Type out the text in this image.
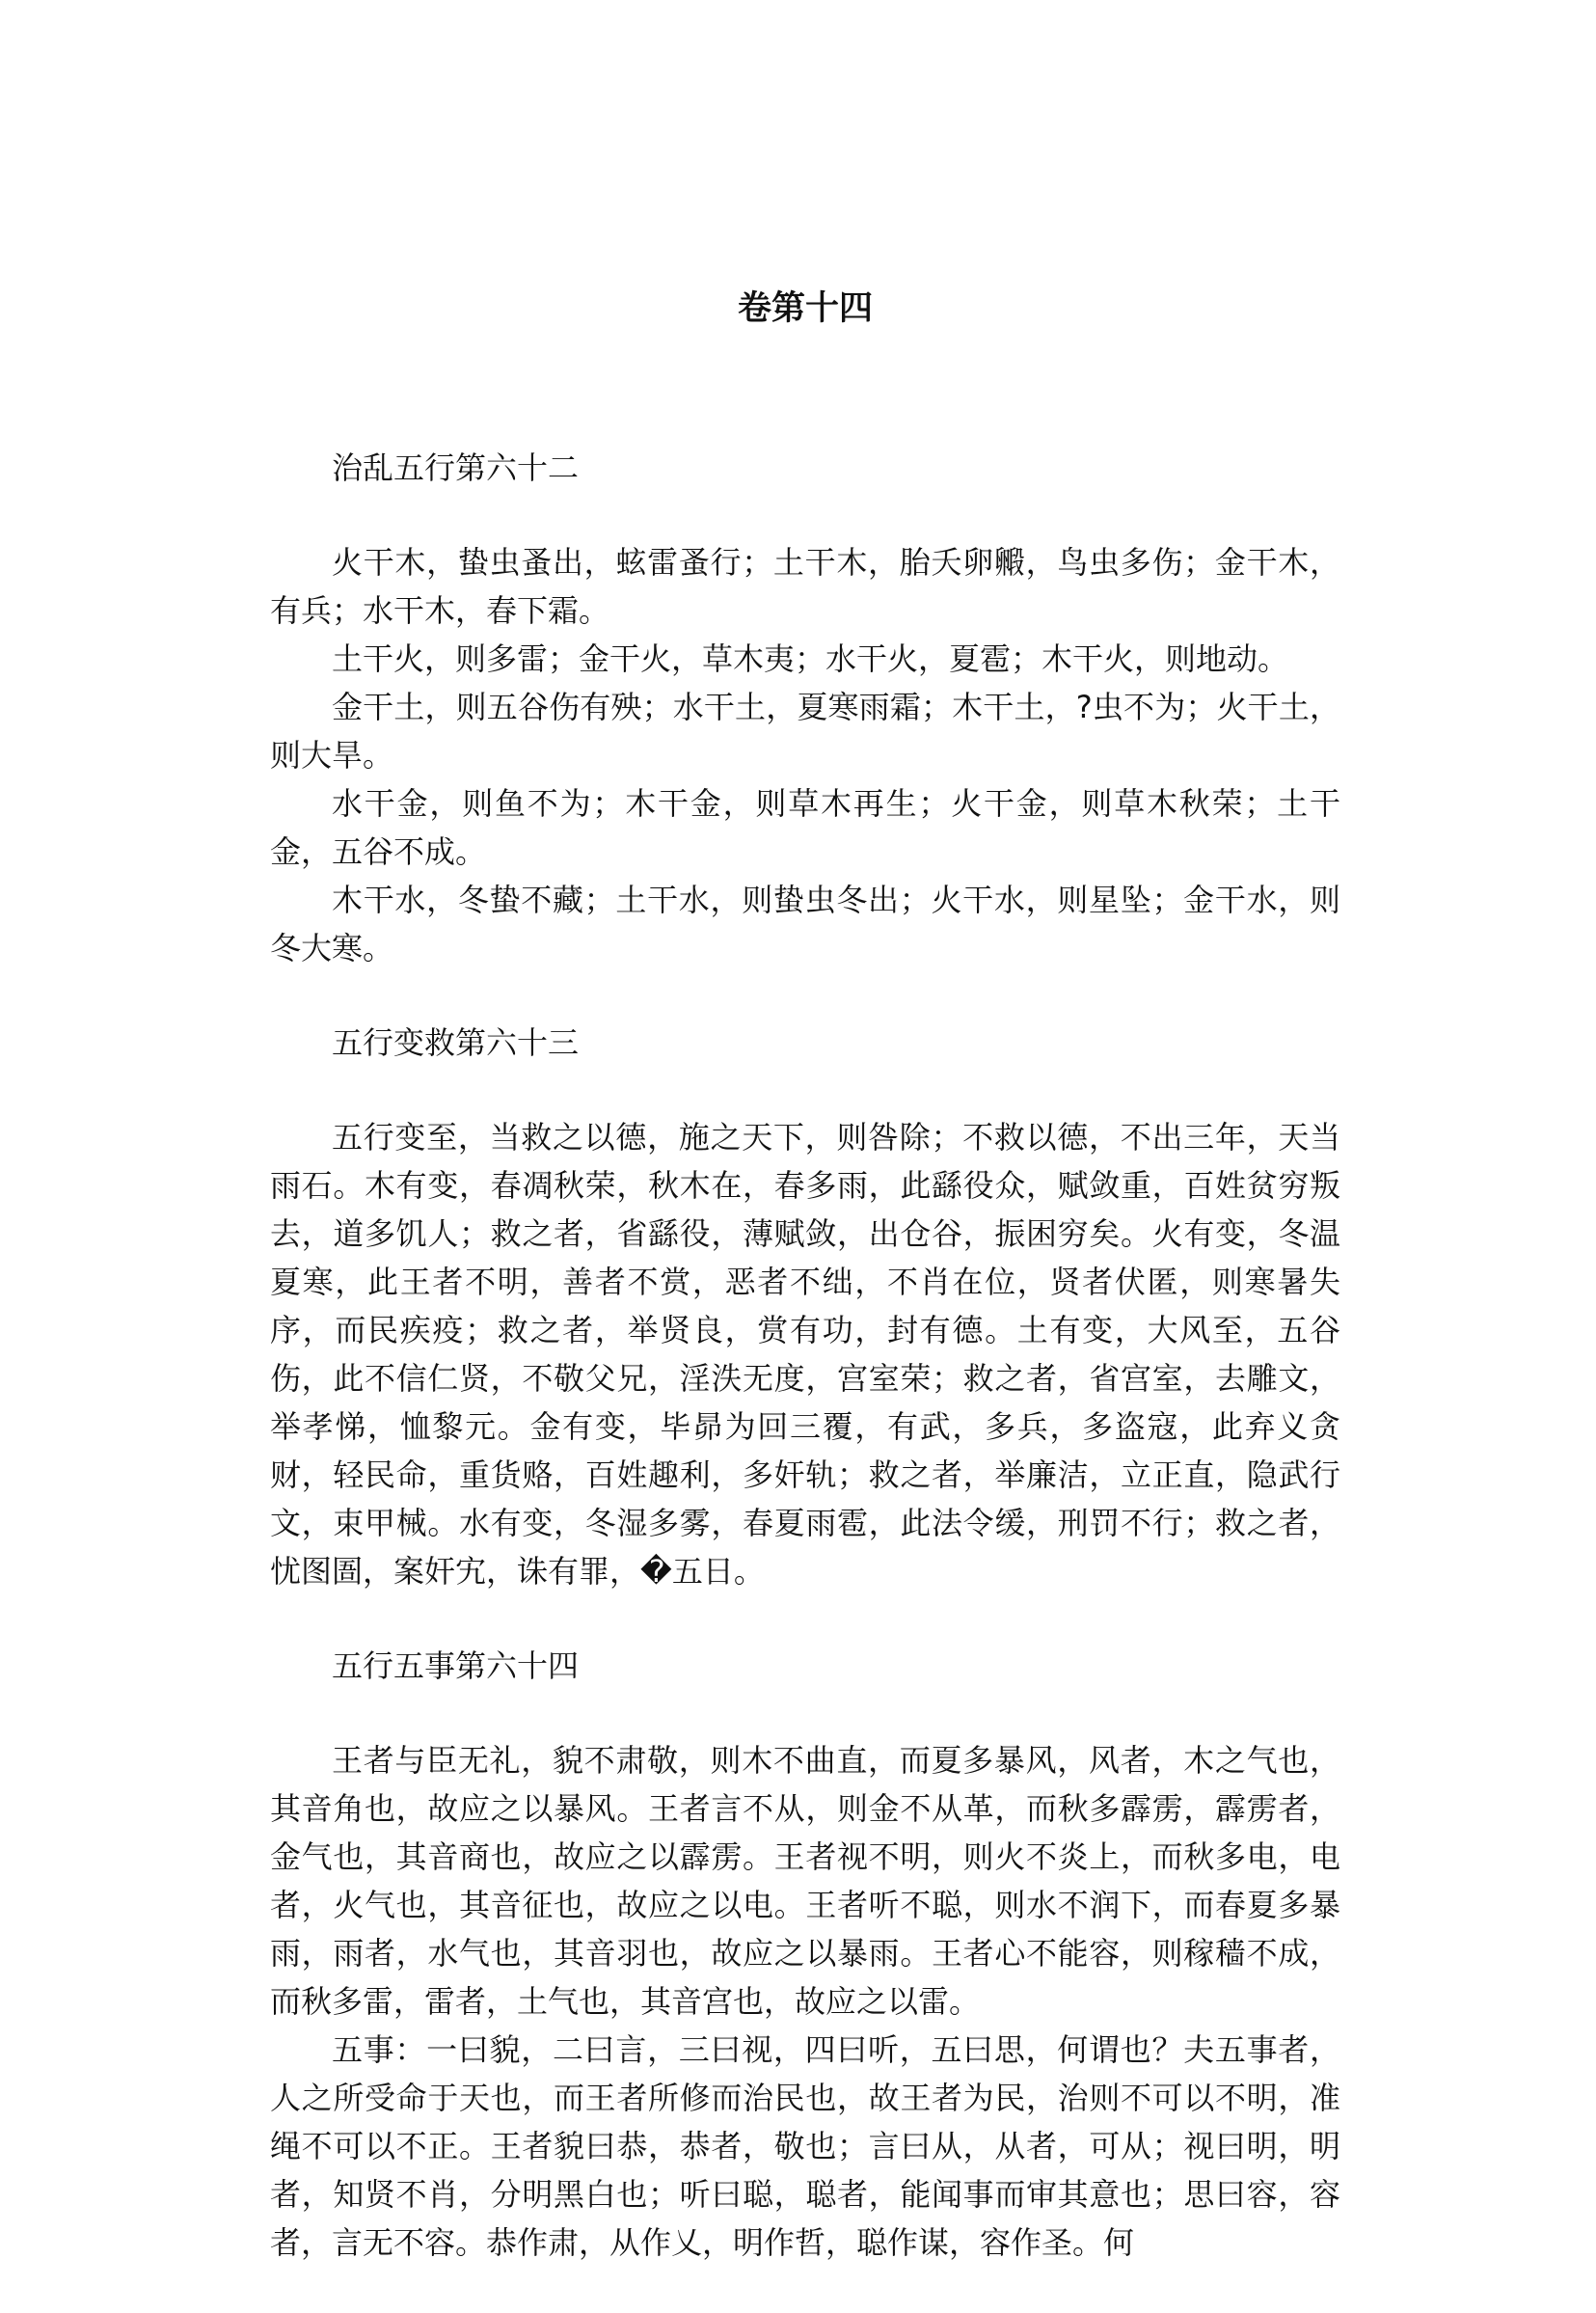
卷第十四
治乱五行第六十二

火干木，蛰虫蚤出，蚿雷蚤行；土干木，胎夭卵毈，鸟虫多伤；金干木，有兵；水干木，春下霜。

土干火，则多雷；金干火，草木夷；水干火，夏雹；木干火，则地动。

金干土，则五谷伤有殃；水干土，夏寒雨霜；木干土，?虫不为；火干土，则大旱。

水干金，则鱼不为；木干金，则草木再生；火干金，则草木秋荣；土干金，五谷不成。

木干水，冬蛰不藏；土干水，则蛰虫冬出；火干水，则星坠；金干水，则冬大寒。

五行变救第六十三

五行变至，当救之以德，施之天下，则咎除；不救以德，不出三年，天当雨石。木有变，春凋秋荣，秋木在，春多雨，此繇役众，赋敛重，百姓贫穷叛去，道多饥人；救之者，省繇役，薄赋敛，出仓谷，振困穷矣。火有变，冬温夏寒，此王者不明，善者不赏，恶者不绌，不肖在位，贤者伏匿，则寒暑失序，而民疾疫；救之者，举贤良，赏有功，封有德。土有变，大风至，五谷伤，此不信仁贤，不敬父兄，淫泆无度，宫室荣；救之者，省宫室，去雕文，举孝悌，恤黎元。金有变，毕昴为回三覆，有武，多兵，多盗寇，此弃义贪财，轻民命，重货赂，百姓趣利，多奸轨；救之者，举廉洁，立正直，隐武行文，束甲械。水有变，冬湿多雾，春夏雨雹，此法令缓，刑罚不行；救之者，忧图圄，案奸宄，诛有罪，�五日。

五行五事第六十四

王者与臣无礼，貌不肃敬，则木不曲直，而夏多暴风，风者，木之气也，其音角也，故应之以暴风。王者言不从，则金不从革，而秋多霹雳，霹雳者，金气也，其音商也，故应之以霹雳。王者视不明，则火不炎上，而秋多电，电者，火气也，其音征也，故应之以电。王者听不聪，则水不润下，而春夏多暴雨，雨者，水气也，其音羽也，故应之以暴雨。王者心不能容，则稼穑不成，而秋多雷，雷者，土气也，其音宫也，故应之以雷。

五事：一曰貌，二曰言，三曰视，四曰听，五曰思，何谓也？夫五事者，人之所受命于天也，而王者所修而治民也，故王者为民，治则不可以不明，准绳不可以不正。王者貌曰恭，恭者，敬也；言曰从，从者，可从；视曰明，明者，知贤不肖，分明黑白也；听曰聪，聪者，能闻事而审其意也；思曰容，容者，言无不容。恭作肃，从作乂，明作哲，聪作谋，容作圣。何
